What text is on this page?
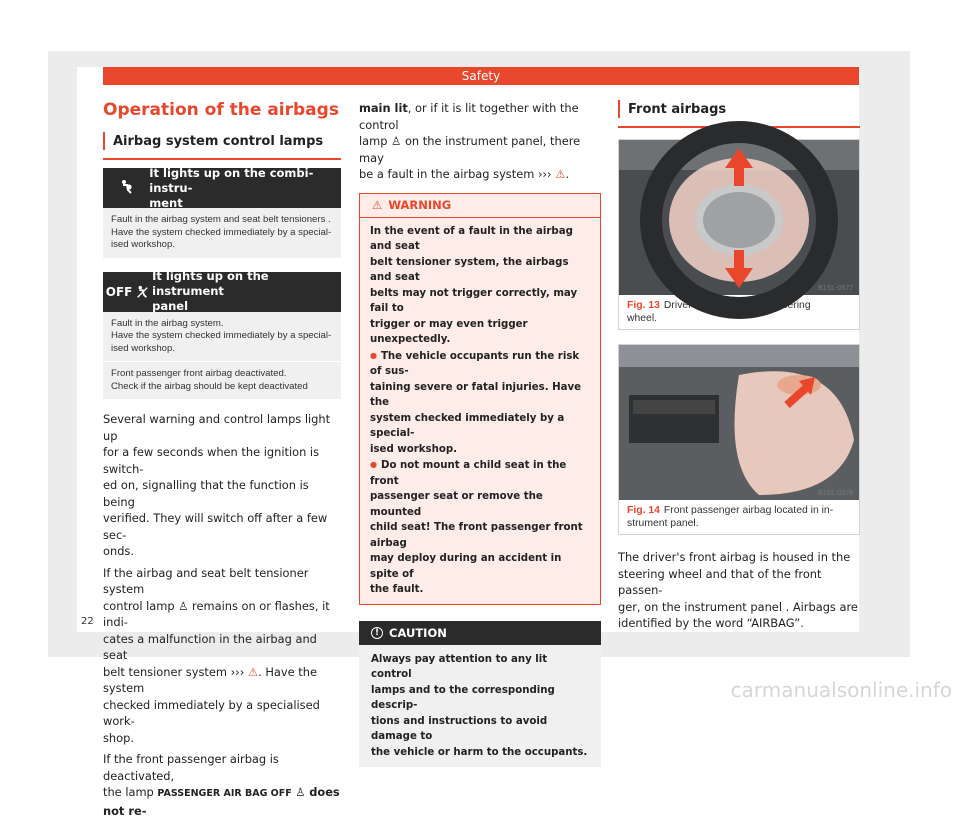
Safety
Operation of the airbags
Airbag system control lamps
It lights up on the combi-instru-
ment
Fault in the airbag system and seat belt tensioners .
Have the system checked immediately by a special-
ised workshop.
OFF
It lights up on the instrument
panel
Fault in the airbag system.
Have the system checked immediately by a special-
ised workshop.
Front passenger front airbag deactivated.
Check if the airbag should be kept deactivated
Several warning and control lamps light up
for a few seconds when the ignition is switch-
ed on, signalling that the function is being
verified. They will switch off after a few sec-
onds.
If the airbag and seat belt tensioner system
control lamp ♙ remains on or flashes, it indi-
cates a malfunction in the airbag and seat
belt tensioner system ››› ⚠. Have the system
checked immediately by a specialised work-
shop.
If the front passenger airbag is deactivated,
the lamp PASSENGER AIR BAG OFF ♙ does not re-
22
main lit, or if it is lit together with the control
lamp ♙ on the instrument panel, there may
be a fault in the airbag system ››› ⚠.
⚠ WARNING
In the event of a fault in the airbag and seat
belt tensioner system, the airbags and seat
belts may not trigger correctly, may fail to
trigger or may even trigger unexpectedly.
● The vehicle occupants run the risk of sus-
taining severe or fatal injuries. Have the
system checked immediately by a special-
ised workshop.
● Do not mount a child seat in the front
passenger seat or remove the mounted
child seat! The front passenger front airbag
may deploy during an accident in spite of
the fault.
! CAUTION
Always pay attention to any lit control
lamps and to the corresponding descrip-
tions and instructions to avoid damage to
the vehicle or harm to the occupants.
Front airbags
B1SL-0577
Fig. 13 Driver airbag located in steering
wheel.
B1SL-0578
Fig. 14 Front passenger airbag located in in-
strument panel.
The driver's front airbag is housed in the
steering wheel and that of the front passen-
ger, on the instrument panel . Airbags are
identified by the word “AIRBAG”.
carmanualsonline.info
